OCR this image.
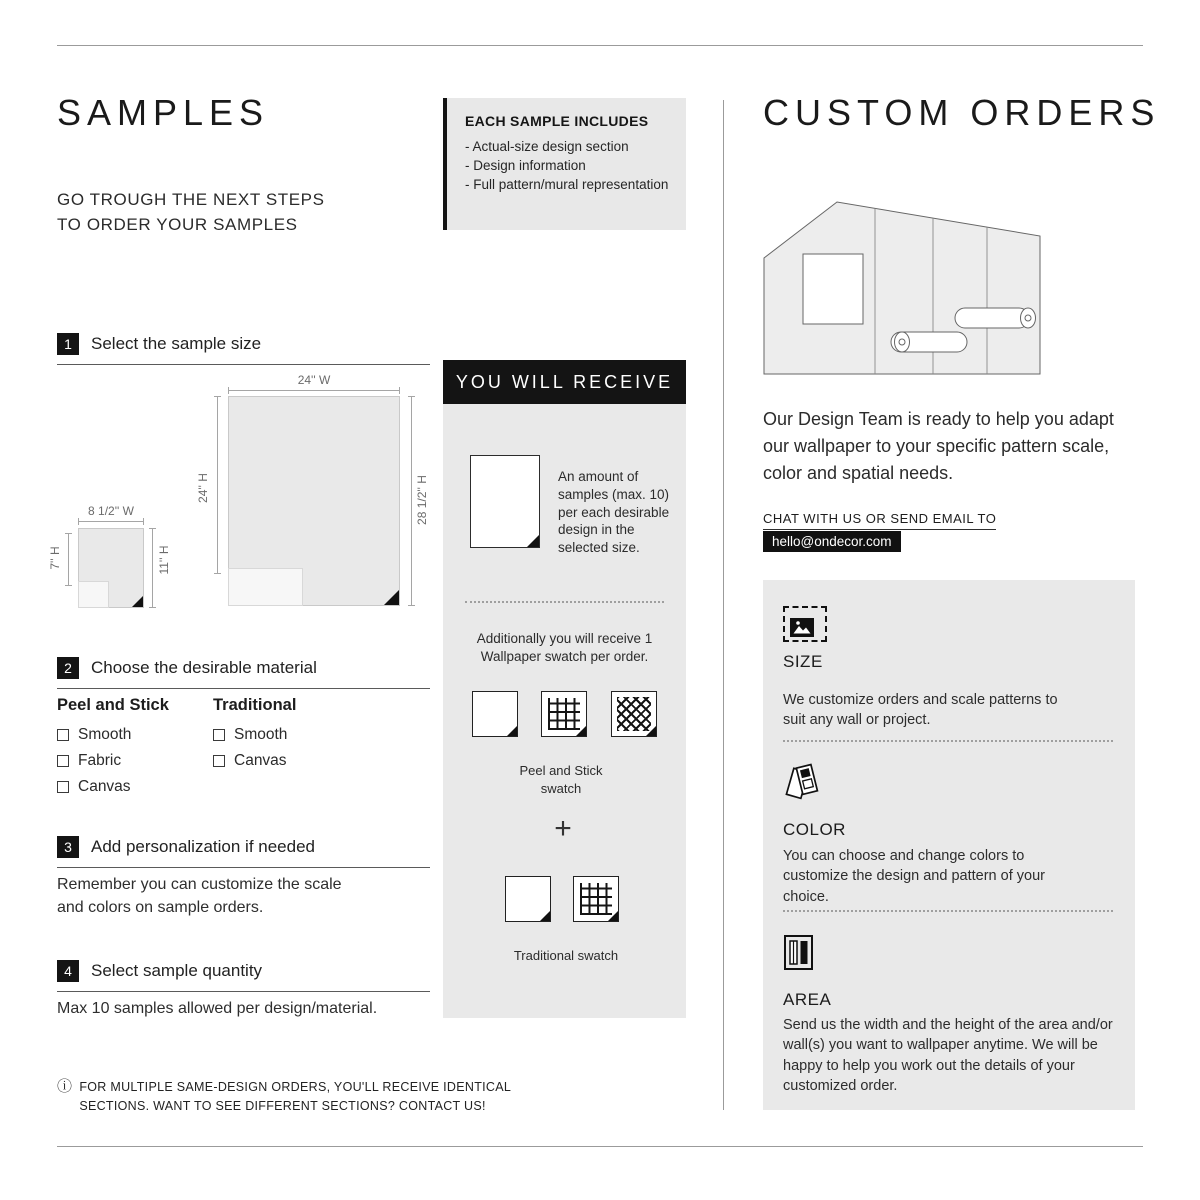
SAMPLES
GO TROUGH THE NEXT STEPS
TO ORDER YOUR SAMPLES
1	Select the sample size
24'' W
24'' H	28 1/2'' H
8 1/2'' W
7'' H	11'' H
2	Choose the desirable material
Peel and Stick
Smooth
Fabric
Canvas
Traditional
Smooth
Canvas
3	Add personalization if needed
Remember you can customize the scale and colors on sample orders.
4	Select sample quantity
Max 10 samples allowed per design/material.
ⓘ FOR MULTIPLE SAME-DESIGN ORDERS, YOU'LL RECEIVE IDENTICAL SECTIONS. WANT TO SEE DIFFERENT SECTIONS? CONTACT US!
EACH SAMPLE INCLUDES
- Actual-size design section
- Design information
- Full pattern/mural representation
YOU WILL RECEIVE
An amount of samples (max. 10) per each desirable design in the selected size.
Additionally you will receive 1 Wallpaper swatch per order.
Peel and Stick swatch
+
Traditional swatch
CUSTOM ORDERS
Our Design Team is ready to help you adapt our wallpaper to your specific pattern scale, color and spatial needs.
CHAT WITH US OR SEND EMAIL TO
hello@ondecor.com
SIZE
We customize orders and scale patterns to suit any wall or project.
COLOR
You can choose and change colors to customize the design and pattern of your choice.
AREA
Send us the width and the height of the area and/or wall(s) you want to wallpaper anytime. We will be happy to help you work out the details of your customized order.
